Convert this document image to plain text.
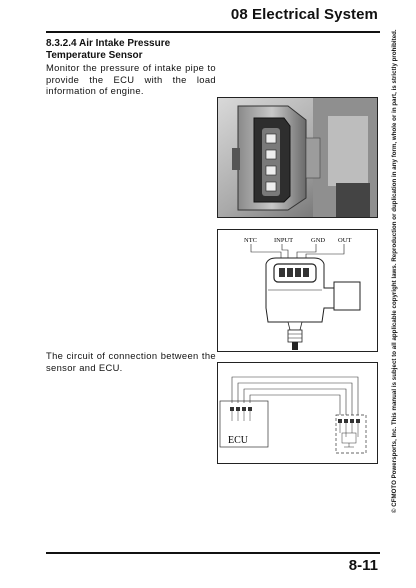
08 Electrical System
8.3.2.4 Air Intake Pressure Temperature Sensor
Monitor the pressure of intake pipe to provide the ECU with the load information of engine.
NTC	INPUT	GND OUT
The circuit of connection between the sensor and ECU.
ECU	© CFMOTO Powersports, Inc. This manual is subject to all applicable copyright laws. Reproduction or duplication in any form, whole or in part, is strictly prohibited.
8-11
